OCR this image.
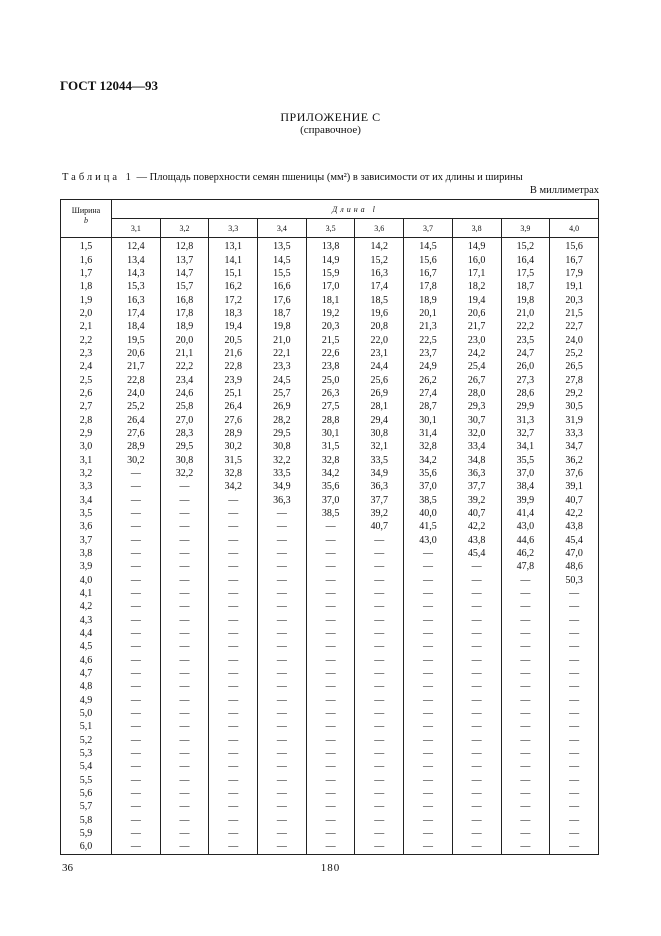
ГОСТ 12044—93
ПРИЛОЖЕНИЕ С
(справочное)
Таблица 1 — Площадь поверхности семян пшеницы (мм²) в зависимости от их длины и ширины
В миллиметрах
Ширина
b	Длина l									
	3,1	3,2	3,3	3,4	3,5	3,6	3,7	3,8	3,9	4,0
1,5	12,4	12,8	13,1	13,5	13,8	14,2	14,5	14,9	15,2	15,6
1,6	13,4	13,7	14,1	14,5	14,9	15,2	15,6	16,0	16,4	16,7
1,7	14,3	14,7	15,1	15,5	15,9	16,3	16,7	17,1	17,5	17,9
1,8	15,3	15,7	16,2	16,6	17,0	17,4	17,8	18,2	18,7	19,1
1,9	16,3	16,8	17,2	17,6	18,1	18,5	18,9	19,4	19,8	20,3
2,0	17,4	17,8	18,3	18,7	19,2	19,6	20,1	20,6	21,0	21,5
2,1	18,4	18,9	19,4	19,8	20,3	20,8	21,3	21,7	22,2	22,7
2,2	19,5	20,0	20,5	21,0	21,5	22,0	22,5	23,0	23,5	24,0
2,3	20,6	21,1	21,6	22,1	22,6	23,1	23,7	24,2	24,7	25,2
2,4	21,7	22,2	22,8	23,3	23,8	24,4	24,9	25,4	26,0	26,5
2,5	22,8	23,4	23,9	24,5	25,0	25,6	26,2	26,7	27,3	27,8
2,6	24,0	24,6	25,1	25,7	26,3	26,9	27,4	28,0	28,6	29,2
2,7	25,2	25,8	26,4	26,9	27,5	28,1	28,7	29,3	29,9	30,5
2,8	26,4	27,0	27,6	28,2	28,8	29,4	30,1	30,7	31,3	31,9
2,9	27,6	28,3	28,9	29,5	30,1	30,8	31,4	32,0	32,7	33,3
3,0	28,9	29,5	30,2	30,8	31,5	32,1	32,8	33,4	34,1	34,7
3,1	30,2	30,8	31,5	32,2	32,8	33,5	34,2	34,8	35,5	36,2
3,2	—	32,2	32,8	33,5	34,2	34,9	35,6	36,3	37,0	37,6
3,3	—	—	34,2	34,9	35,6	36,3	37,0	37,7	38,4	39,1
3,4	—	—	—	36,3	37,0	37,7	38,5	39,2	39,9	40,7
3,5	—	—	—	—	38,5	39,2	40,0	40,7	41,4	42,2
3,6	—	—	—	—	—	40,7	41,5	42,2	43,0	43,8
3,7	—	—	—	—	—	—	43,0	43,8	44,6	45,4
3,8	—	—	—	—	—	—	—	45,4	46,2	47,0
3,9	—	—	—	—	—	—	—	—	47,8	48,6
4,0	—	—	—	—	—	—	—	—	—	50,3
4,1	—	—	—	—	—	—	—	—	—	—
4,2	—	—	—	—	—	—	—	—	—	—
4,3	—	—	—	—	—	—	—	—	—	—
4,4	—	—	—	—	—	—	—	—	—	—
4,5	—	—	—	—	—	—	—	—	—	—
4,6	—	—	—	—	—	—	—	—	—	—
4,7	—	—	—	—	—	—	—	—	—	—
4,8	—	—	—	—	—	—	—	—	—	—
4,9	—	—	—	—	—	—	—	—	—	—
5,0	—	—	—	—	—	—	—	—	—	—
5,1	—	—	—	—	—	—	—	—	—	—
5,2	—	—	—	—	—	—	—	—	—	—
5,3	—	—	—	—	—	—	—	—	—	—
5,4	—	—	—	—	—	—	—	—	—	—
5,5	—	—	—	—	—	—	—	—	—	—
5,6	—	—	—	—	—	—	—	—	—	—
5,7	—	—	—	—	—	—	—	—	—	—
5,8	—	—	—	—	—	—	—	—	—	—
5,9	—	—	—	—	—	—	—	—	—	—
6,0	—	—	—	—	—	—	—	—	—	—
36	180
